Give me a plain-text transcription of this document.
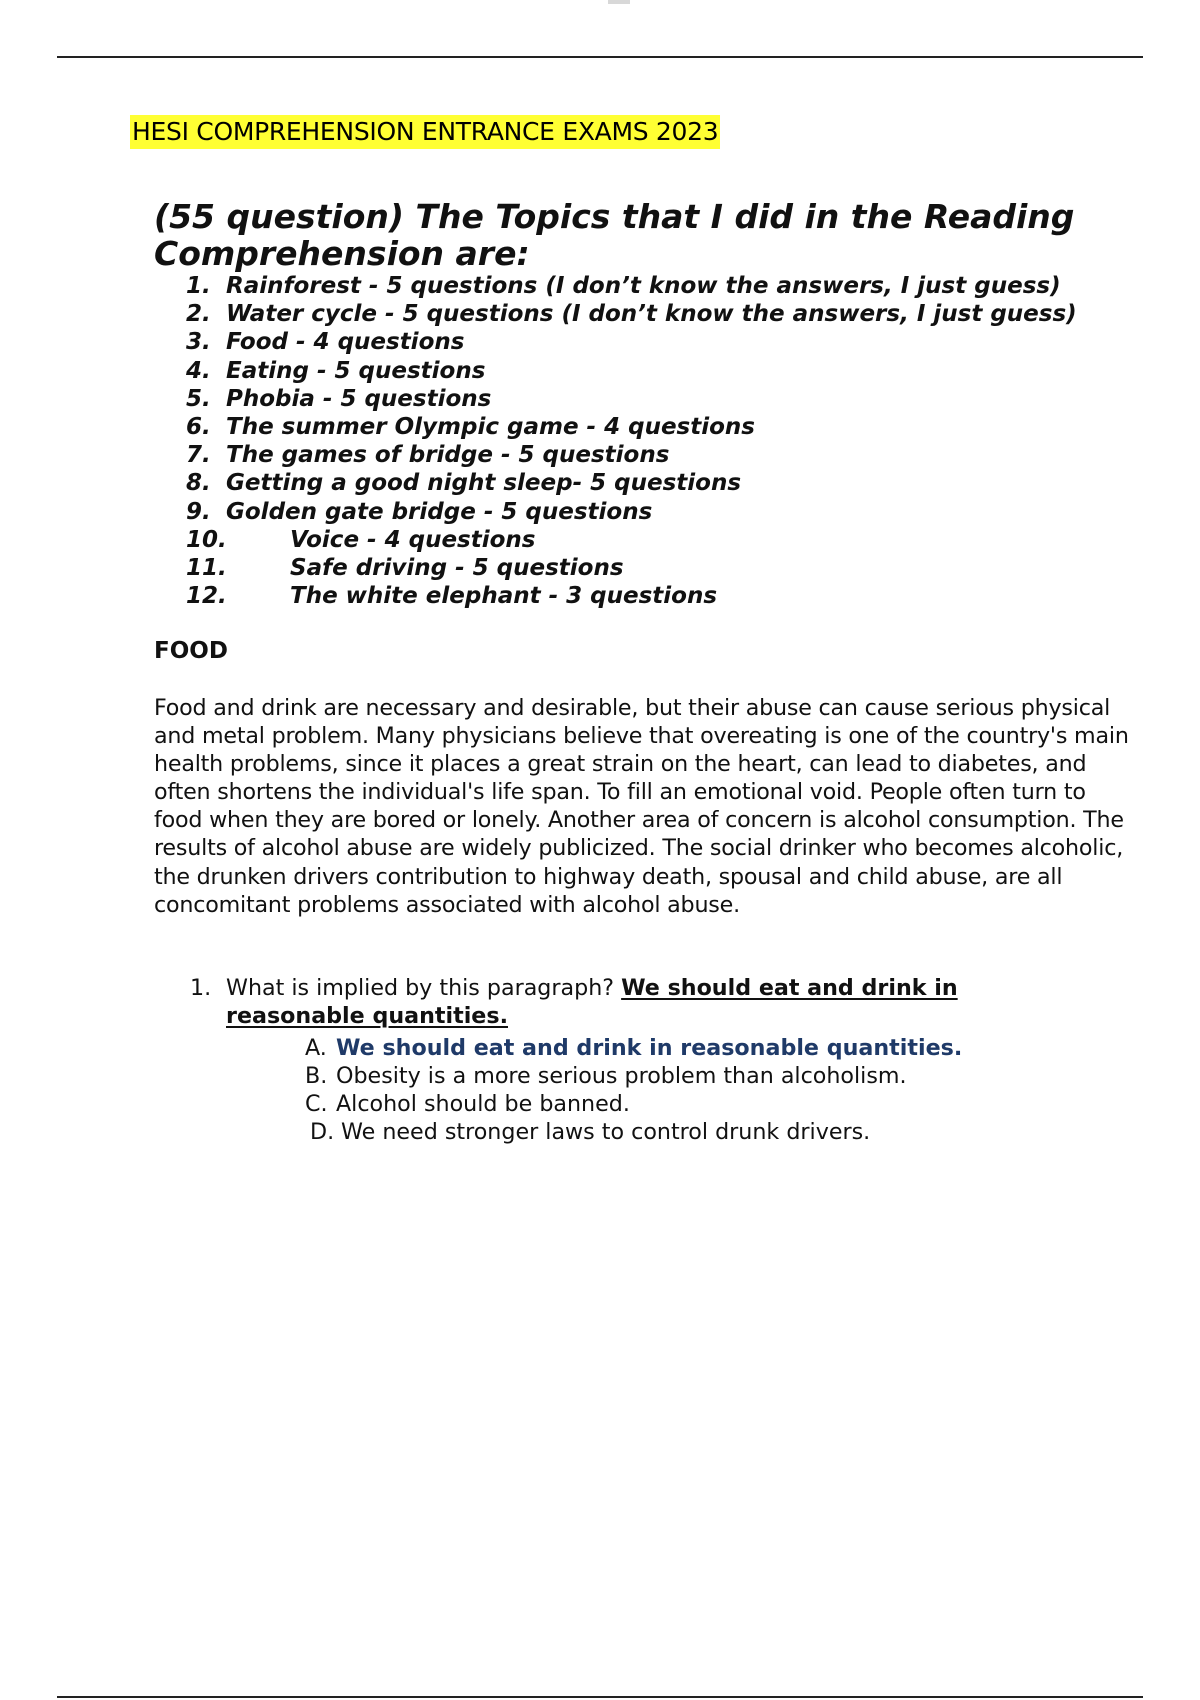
HESI COMPREHENSION ENTRANCE EXAMS 2023
(55 question) The Topics that I did in the Reading Comprehension are:
1. Rainforest - 5 questions (I don’t know the answers, I just guess)
2. Water cycle - 5 questions (I don’t know the answers, I just guess)
3. Food - 4 questions
4. Eating - 5 questions
5. Phobia - 5 questions
6. The summer Olympic game - 4 questions
7. The games of bridge - 5 questions
8. Getting a good night sleep- 5 questions
9. Golden gate bridge - 5 questions
10.	Voice - 4 questions
11.	Safe driving - 5 questions
12.	The white elephant - 3 questions
FOOD

Food and drink are necessary and desirable, but their abuse can cause serious physical and metal problem. Many physicians believe that overeating is one of the country's main health problems, since it places a great strain on the heart, can lead to diabetes, and often shortens the individual's life span. To fill an emotional void. People often turn to food when they are bored or lonely. Another area of concern is alcohol consumption. The results of alcohol abuse are widely publicized. The social drinker who becomes alcoholic, the drunken drivers contribution to highway death, spousal and child abuse, are all concomitant problems associated with alcohol abuse.

1. What is implied by this paragraph? We should eat and drink in reasonable quantities.
A. We should eat and drink in reasonable quantities.
B. Obesity is a more serious problem than alcoholism.
C. Alcohol should be banned.
D. We need stronger laws to control drunk drivers.
